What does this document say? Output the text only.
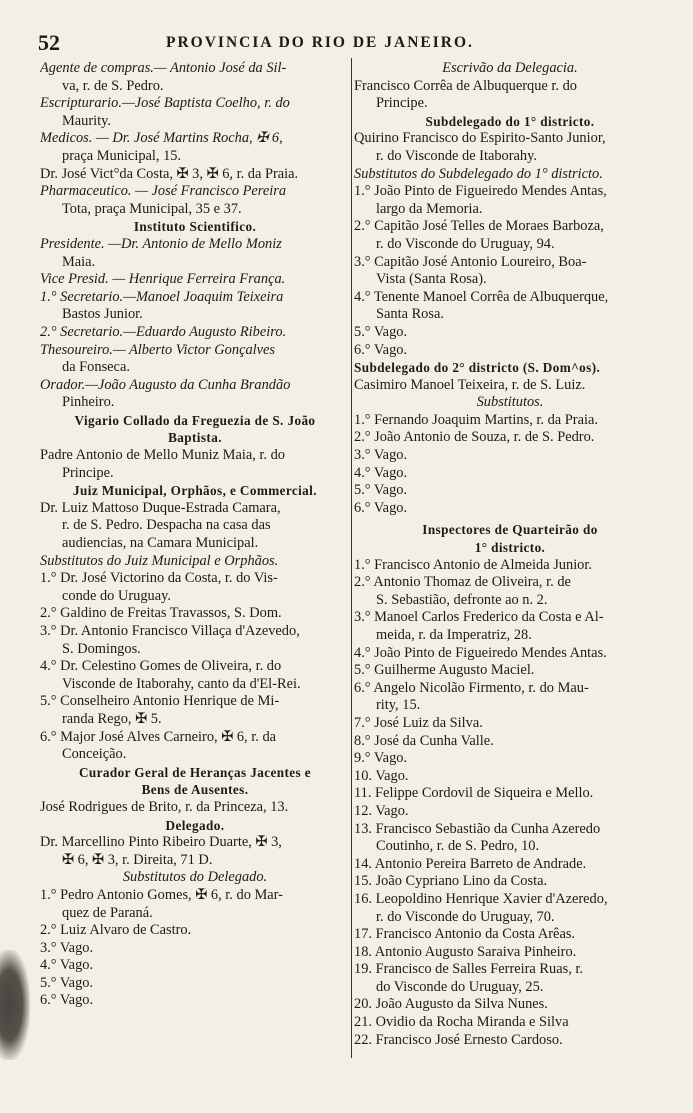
52	PROVINCIA DO RIO DE JANEIRO.
Agente de compras.— Antonio José da Sil-
va, r. de S. Pedro.
Escripturario.—José Baptista Coelho, r. do
Maurity.
Medicos. — Dr. José Martins Rocha, ✠ 6,
praça Municipal, 15.
Dr. José Vict°da Costa, ✠ 3, ✠ 6, r. da Praia.
Pharmaceutico. — José Francisco Pereira
Tota, praça Municipal, 35 e 37.
Instituto Scientifico.
Presidente. —Dr. Antonio de Mello Moniz
Maia.
Vice Presid. — Henrique Ferreira França.
1.° Secretario.—Manoel Joaquim Teixeira
Bastos Junior.
2.° Secretario.—Eduardo Augusto Ribeiro.
Thesoureiro.— Alberto Victor Gonçalves
da Fonseca.
Orador.—João Augusto da Cunha Brandão
Pinheiro.
Vigario Collado da Freguezia de S. João
Baptista.
Padre Antonio de Mello Muniz Maia, r. do
Principe.
Juiz Municipal, Orphãos, e Commercial.
Dr. Luiz Mattoso Duque-Estrada Camara,
r. de S. Pedro. Despacha na casa das
audiencias, na Camara Municipal.
Substitutos do Juiz Municipal e Orphãos.
1.° Dr. José Victorino da Costa, r. do Vis-
conde do Uruguay.
2.° Galdino de Freitas Travassos, S. Dom.
3.° Dr. Antonio Francisco Villaça d'Azevedo,
S. Domingos.
4.° Dr. Celestino Gomes de Oliveira, r. do
Visconde de Itaborahy, canto da d'El-Rei.
5.° Conselheiro Antonio Henrique de Mi-
randa Rego, ✠ 5.
6.° Major José Alves Carneiro, ✠ 6, r. da
Conceição.
Curador Geral de Heranças Jacentes e
Bens de Ausentes.
José Rodrigues de Brito, r. da Princeza, 13.
Delegado.
Dr. Marcellino Pinto Ribeiro Duarte, ✠ 3,
✠ 6, ✠ 3, r. Direita, 71 D.
Substitutos do Delegado.
1.° Pedro Antonio Gomes, ✠ 6, r. do Mar-
quez de Paraná.
2.° Luiz Alvaro de Castro.
3.° Vago.
4.° Vago.
5.° Vago.
6.° Vago.
Escrivão da Delegacia.
Francisco Corrêa de Albuquerque r. do
Principe.
Subdelegado do 1° districto.
Quirino Francisco do Espirito-Santo Junior,
r. do Visconde de Itaborahy.
Substitutos do Subdelegado do 1° districto.
1.° João Pinto de Figueiredo Mendes Antas,
largo da Memoria.
2.° Capitão José Telles de Moraes Barboza,
r. do Visconde do Uruguay, 94.
3.° Capitão José Antonio Loureiro, Boa-
Vista (Santa Rosa).
4.° Tenente Manoel Corrêa de Albuquerque,
Santa Rosa.
5.° Vago.
6.° Vago.
Subdelegado do 2° districto (S. Dom^os).
Casimiro Manoel Teixeira, r. de S. Luiz.
Substitutos.
1.° Fernando Joaquim Martins, r. da Praia.
2.° João Antonio de Souza, r. de S. Pedro.
3.° Vago.
4.° Vago.
5.° Vago.
6.° Vago.
Inspectores de Quarteirão do
1° districto.
1.° Francisco Antonio de Almeida Junior.
2.° Antonio Thomaz de Oliveira, r. de
S. Sebastião, defronte ao n. 2.
3.° Manoel Carlos Frederico da Costa e Al-
meida, r. da Imperatriz, 28.
4.° João Pinto de Figueiredo Mendes Antas.
5.° Guilherme Augusto Maciel.
6.° Angelo Nicolão Firmento, r. do Mau-
rity, 15.
7.° José Luiz da Silva.
8.° José da Cunha Valle.
9.° Vago.
10. Vago.
11. Felippe Cordovil de Siqueira e Mello.
12. Vago.
13. Francisco Sebastião da Cunha Azeredo
Coutinho, r. de S. Pedro, 10.
14. Antonio Pereira Barreto de Andrade.
15. João Cypriano Lino da Costa.
16. Leopoldino Henrique Xavier d'Azeredo,
r. do Visconde do Uruguay, 70.
17. Francisco Antonio da Costa Arêas.
18. Antonio Augusto Saraiva Pinheiro.
19. Francisco de Salles Ferreira Ruas, r.
do Visconde do Uruguay, 25.
20. João Augusto da Silva Nunes.
21. Ovidio da Rocha Miranda e Silva
22. Francisco José Ernesto Cardoso.
